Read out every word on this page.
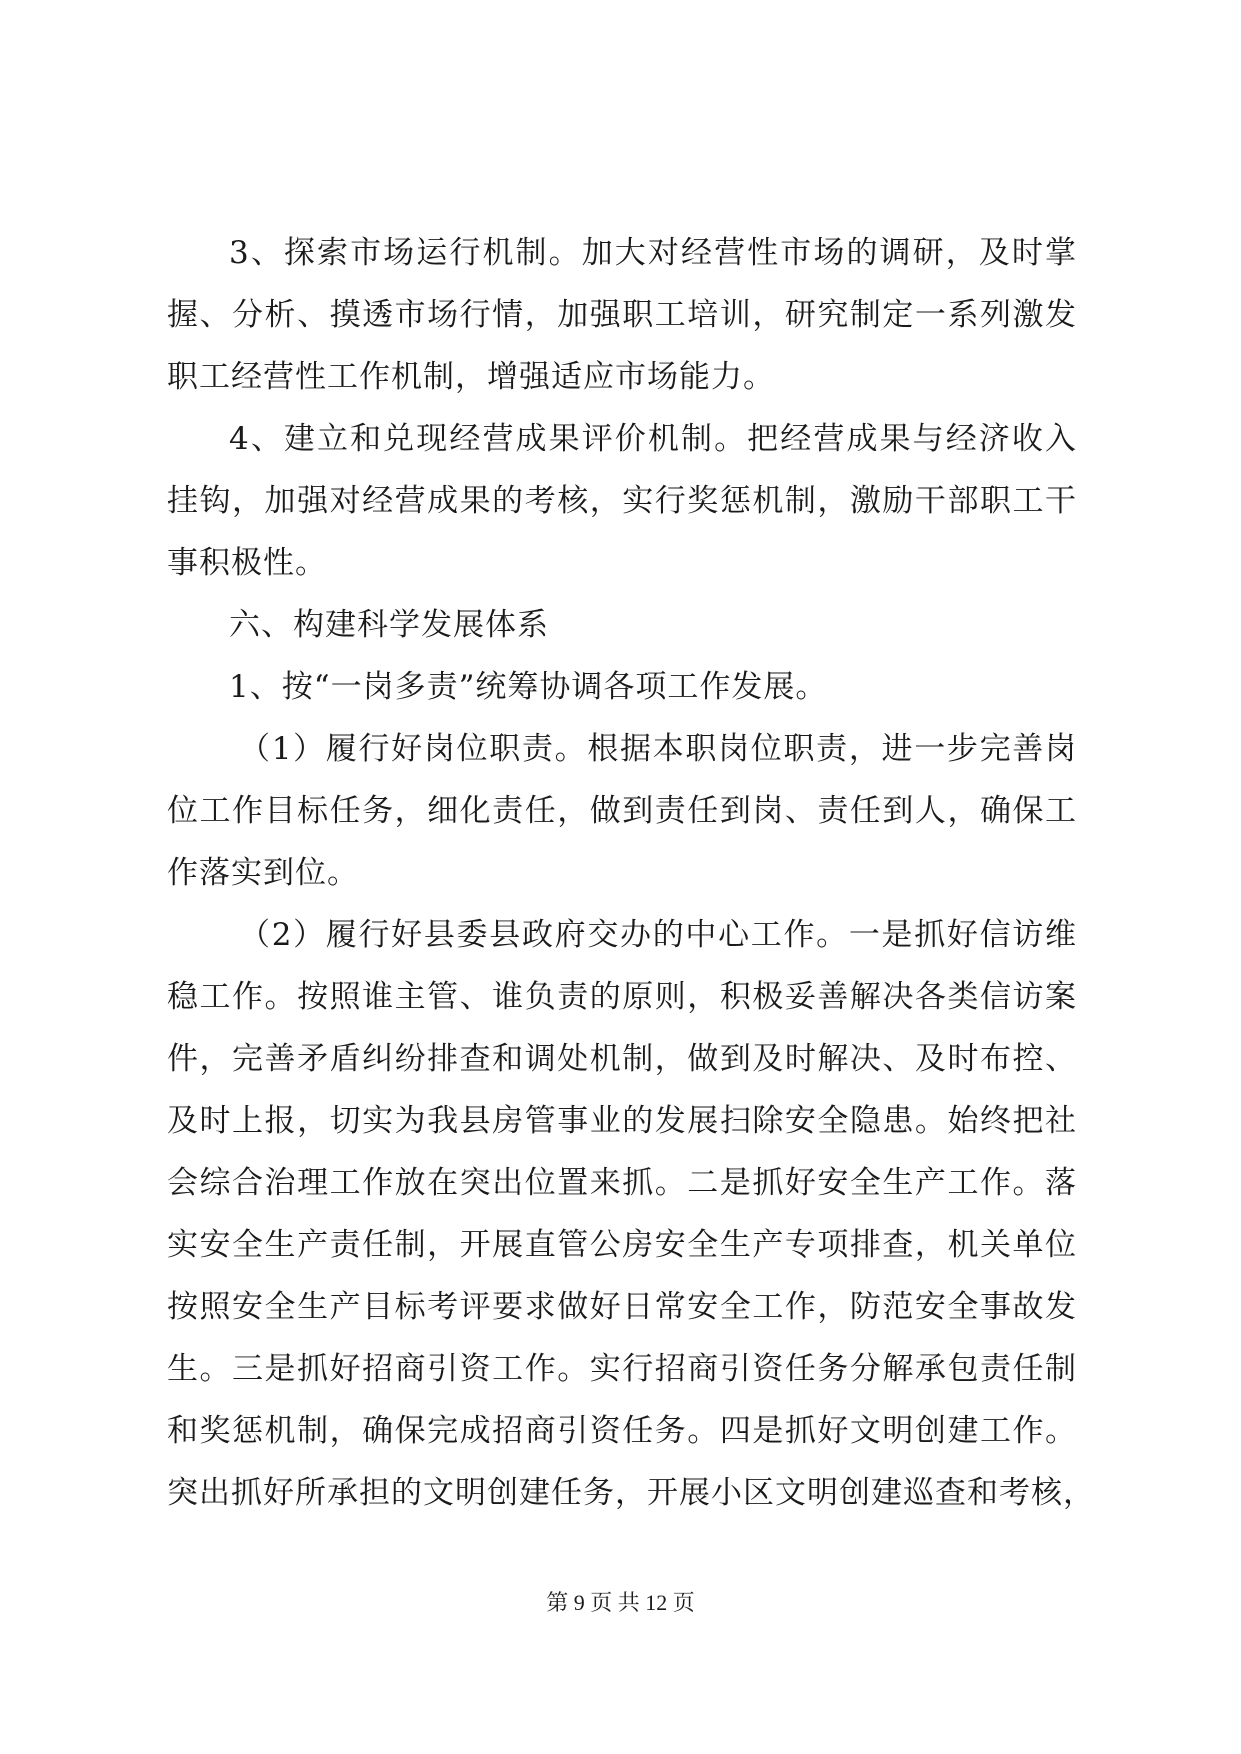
3、探索市场运行机制。加大对经营性市场的调研，及时掌
握、分析、摸透市场行情，加强职工培训，研究制定一系列激发
职工经营性工作机制，增强适应市场能力。
4、建立和兑现经营成果评价机制。把经营成果与经济收入
挂钩，加强对经营成果的考核，实行奖惩机制，激励干部职工干
事积极性。
六、构建科学发展体系
1、按“一岗多责”统筹协调各项工作发展。
（1）履行好岗位职责。根据本职岗位职责，进一步完善岗
位工作目标任务，细化责任，做到责任到岗、责任到人，确保工
作落实到位。
（2）履行好县委县政府交办的中心工作。一是抓好信访维
稳工作。按照谁主管、谁负责的原则，积极妥善解决各类信访案
件，完善矛盾纠纷排查和调处机制，做到及时解决、及时布控、
及时上报，切实为我县房管事业的发展扫除安全隐患。始终把社
会综合治理工作放在突出位置来抓。二是抓好安全生产工作。落
实安全生产责任制，开展直管公房安全生产专项排查，机关单位
按照安全生产目标考评要求做好日常安全工作，防范安全事故发
生。三是抓好招商引资工作。实行招商引资任务分解承包责任制
和奖惩机制，确保完成招商引资任务。四是抓好文明创建工作。
突出抓好所承担的文明创建任务，开展小区文明创建巡查和考核，
第 9 页 共 12 页
